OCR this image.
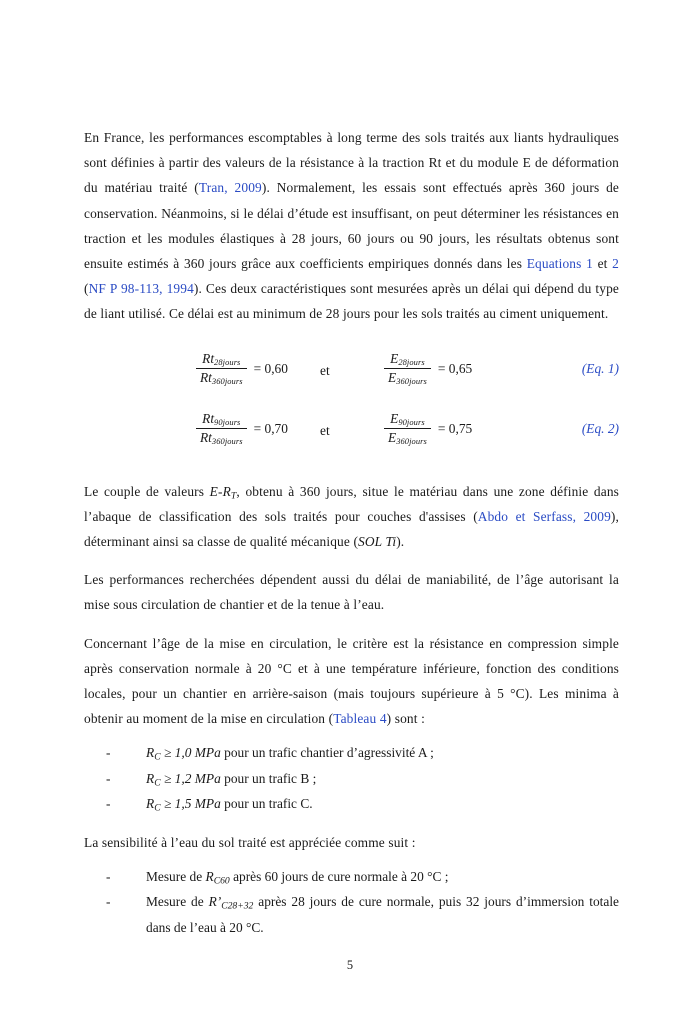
En France, les performances escomptables à long terme des sols traités aux liants hydrauliques sont définies à partir des valeurs de la résistance à la traction Rt et du module E de déformation du matériau traité (Tran, 2009). Normalement, les essais sont effectués après 360 jours de conservation. Néanmoins, si le délai d’étude est insuffisant, on peut déterminer les résistances en traction et les modules élastiques à 28 jours, 60 jours ou 90 jours, les résultats obtenus sont ensuite estimés à 360 jours grâce aux coefficients empiriques donnés dans les Equations 1 et 2 (NF P 98-113, 1994). Ces deux caractéristiques sont mesurées après un délai qui dépend du type de liant utilisé. Ce délai est au minimum de 28 jours pour les sols traités au ciment uniquement.

$\frac{\text{Rt28jours}}{\text{Rt360jours}} = 0,60$ et	$\frac{\text{E28jours}}{\text{E360jours}} = 0,65$	(Eq. 1)
$\frac{\text{Rt90jours}}{\text{Rt360jours}} = 0,70$ et	$\frac{\text{E90jours}}{\text{E360jours}} = 0,75$	(Eq. 2)

Le couple de valeurs $E-R_T$, obtenu à 360 jours, situe le matériau dans une zone définie dans l’abaque de classification des sols traités pour couches d'assises (Abdo et Serfass, 2009), déterminant ainsi sa classe de qualité mécanique (SOL Ti).

Les performances recherchées dépendent aussi du délai de maniabilité, de l’âge autorisant la mise sous circulation de chantier et de la tenue à l’eau.

Concernant l’âge de la mise en circulation, le critère est la résistance en compression simple après conservation normale à 20 °C et à une température inférieure, fonction des conditions locales, pour un chantier en arrière-saison (mais toujours supérieure à 5 °C). Les minima à obtenir au moment de la mise en circulation (Tableau 4) sont :

-	$R_C \ge 1,0$ MPa pour un trafic chantier d’agressivité A ;
-	$R_C \ge 1,2$ MPa pour un trafic B ;
-	$R_C \ge 1,5$ MPa pour un trafic C.

La sensibilité à l’eau du sol traité est appréciée comme suit :

-	Mesure de $R_{C60}$ après 60 jours de cure normale à 20 °C ;
-	Mesure de $R’_{C28+32}$ après 28 jours de cure normale, puis 32 jours d’immersion totale dans de l’eau à 20 °C.
5
